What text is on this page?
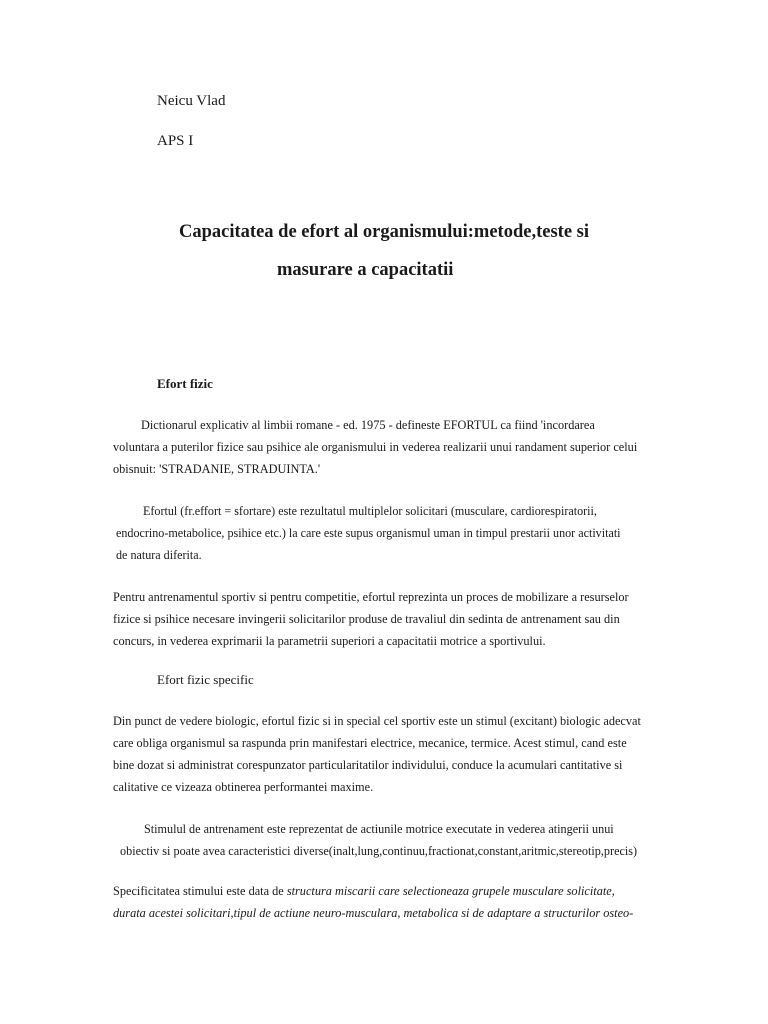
Neicu Vlad
APS I
Capacitatea de efort al organismului:metode,teste si
masurare a capacitatii
Efort fizic
Dictionarul explicativ al limbii romane - ed. 1975 - defineste EFORTUL ca fiind 'incordarea
voluntara a puterilor fizice sau psihice ale organismului in vederea realizarii unui randament superior celui
obisnuit: 'STRADANIE, STRADUINTA.'
Efortul (fr.effort = sfortare) este rezultatul multiplelor solicitari (musculare, cardiorespiratorii,
endocrino-metabolice, psihice etc.) la care este supus organismul uman in timpul prestarii unor activitati
de natura diferita.
Pentru antrenamentul sportiv si pentru competitie, efortul reprezinta un proces de mobilizare a resurselor
fizice si psihice necesare invingerii solicitarilor produse de travaliul din sedinta de antrenament sau din
concurs, in vederea exprimarii la parametrii superiori a capacitatii motrice a sportivului.
Efort fizic specific
Din punct de vedere biologic, efortul fizic si in special cel sportiv este un stimul (excitant) biologic adecvat
care obliga organismul sa raspunda prin manifestari electrice, mecanice, termice. Acest stimul, cand este
bine dozat si administrat corespunzator particularitatilor individului, conduce la acumulari cantitative si
calitative ce vizeaza obtinerea performantei maxime.
Stimulul de antrenament este reprezentat de actiunile motrice executate in vederea atingerii unui
obiectiv si poate avea caracteristici diverse(inalt,lung,continuu,fractionat,constant,aritmic,stereotip,precis)
Specificitatea stimului este data de structura miscarii care selectioneaza grupele musculare solicitate,
durata acestei solicitari,tipul de actiune neuro-musculara, metabolica si de adaptare a structurilor osteo-
